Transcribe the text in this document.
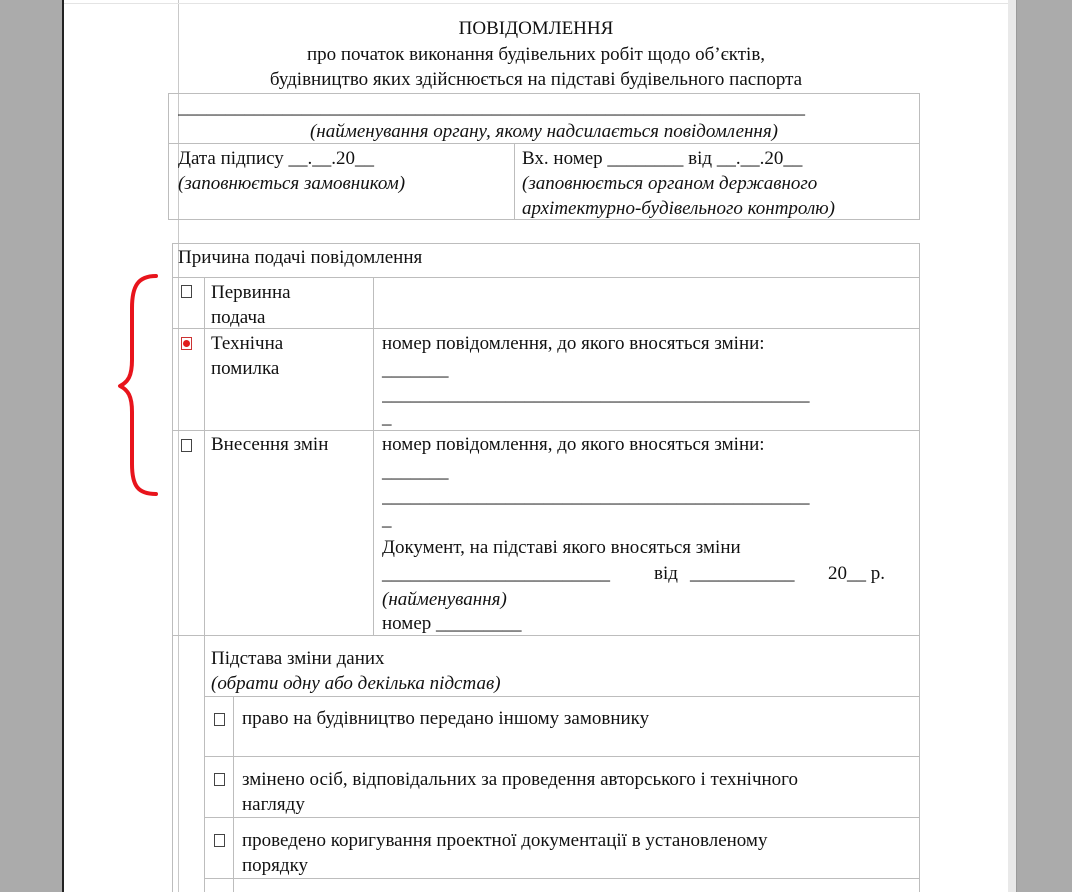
ПОВІДОМЛЕННЯ
про початок виконання будівельних робіт щодо об’єктів,
будівництво яких здійснюється на підставі будівельного паспорта
__________________________________________________________________
(найменування органу, якому надсилається повідомлення)
Дата підпису __.__.20__
(заповнюється замовником)
Вх. номер ________ від __.__.20__
(заповнюється органом державного
архітектурно-будівельного контролю)
Причина подачі повідомлення
Первинна
подача
Технічна
помилка
номер повідомлення, до якого вносяться зміни:
_______
_____________________________________________
_
Внесення змін	номер повідомлення, до якого вносяться зміни:
_______
_____________________________________________
_
Документ, на підставі якого вносяться зміни
________________________ від ___________ 20__ р.
(найменування)
номер _________
Підстава зміни даних
(обрати одну або декілька підстав)
право на будівництво передано іншому замовнику
змінено осіб, відповідальних за проведення авторського і технічного
нагляду
проведено коригування проектної документації в установленому
порядку
